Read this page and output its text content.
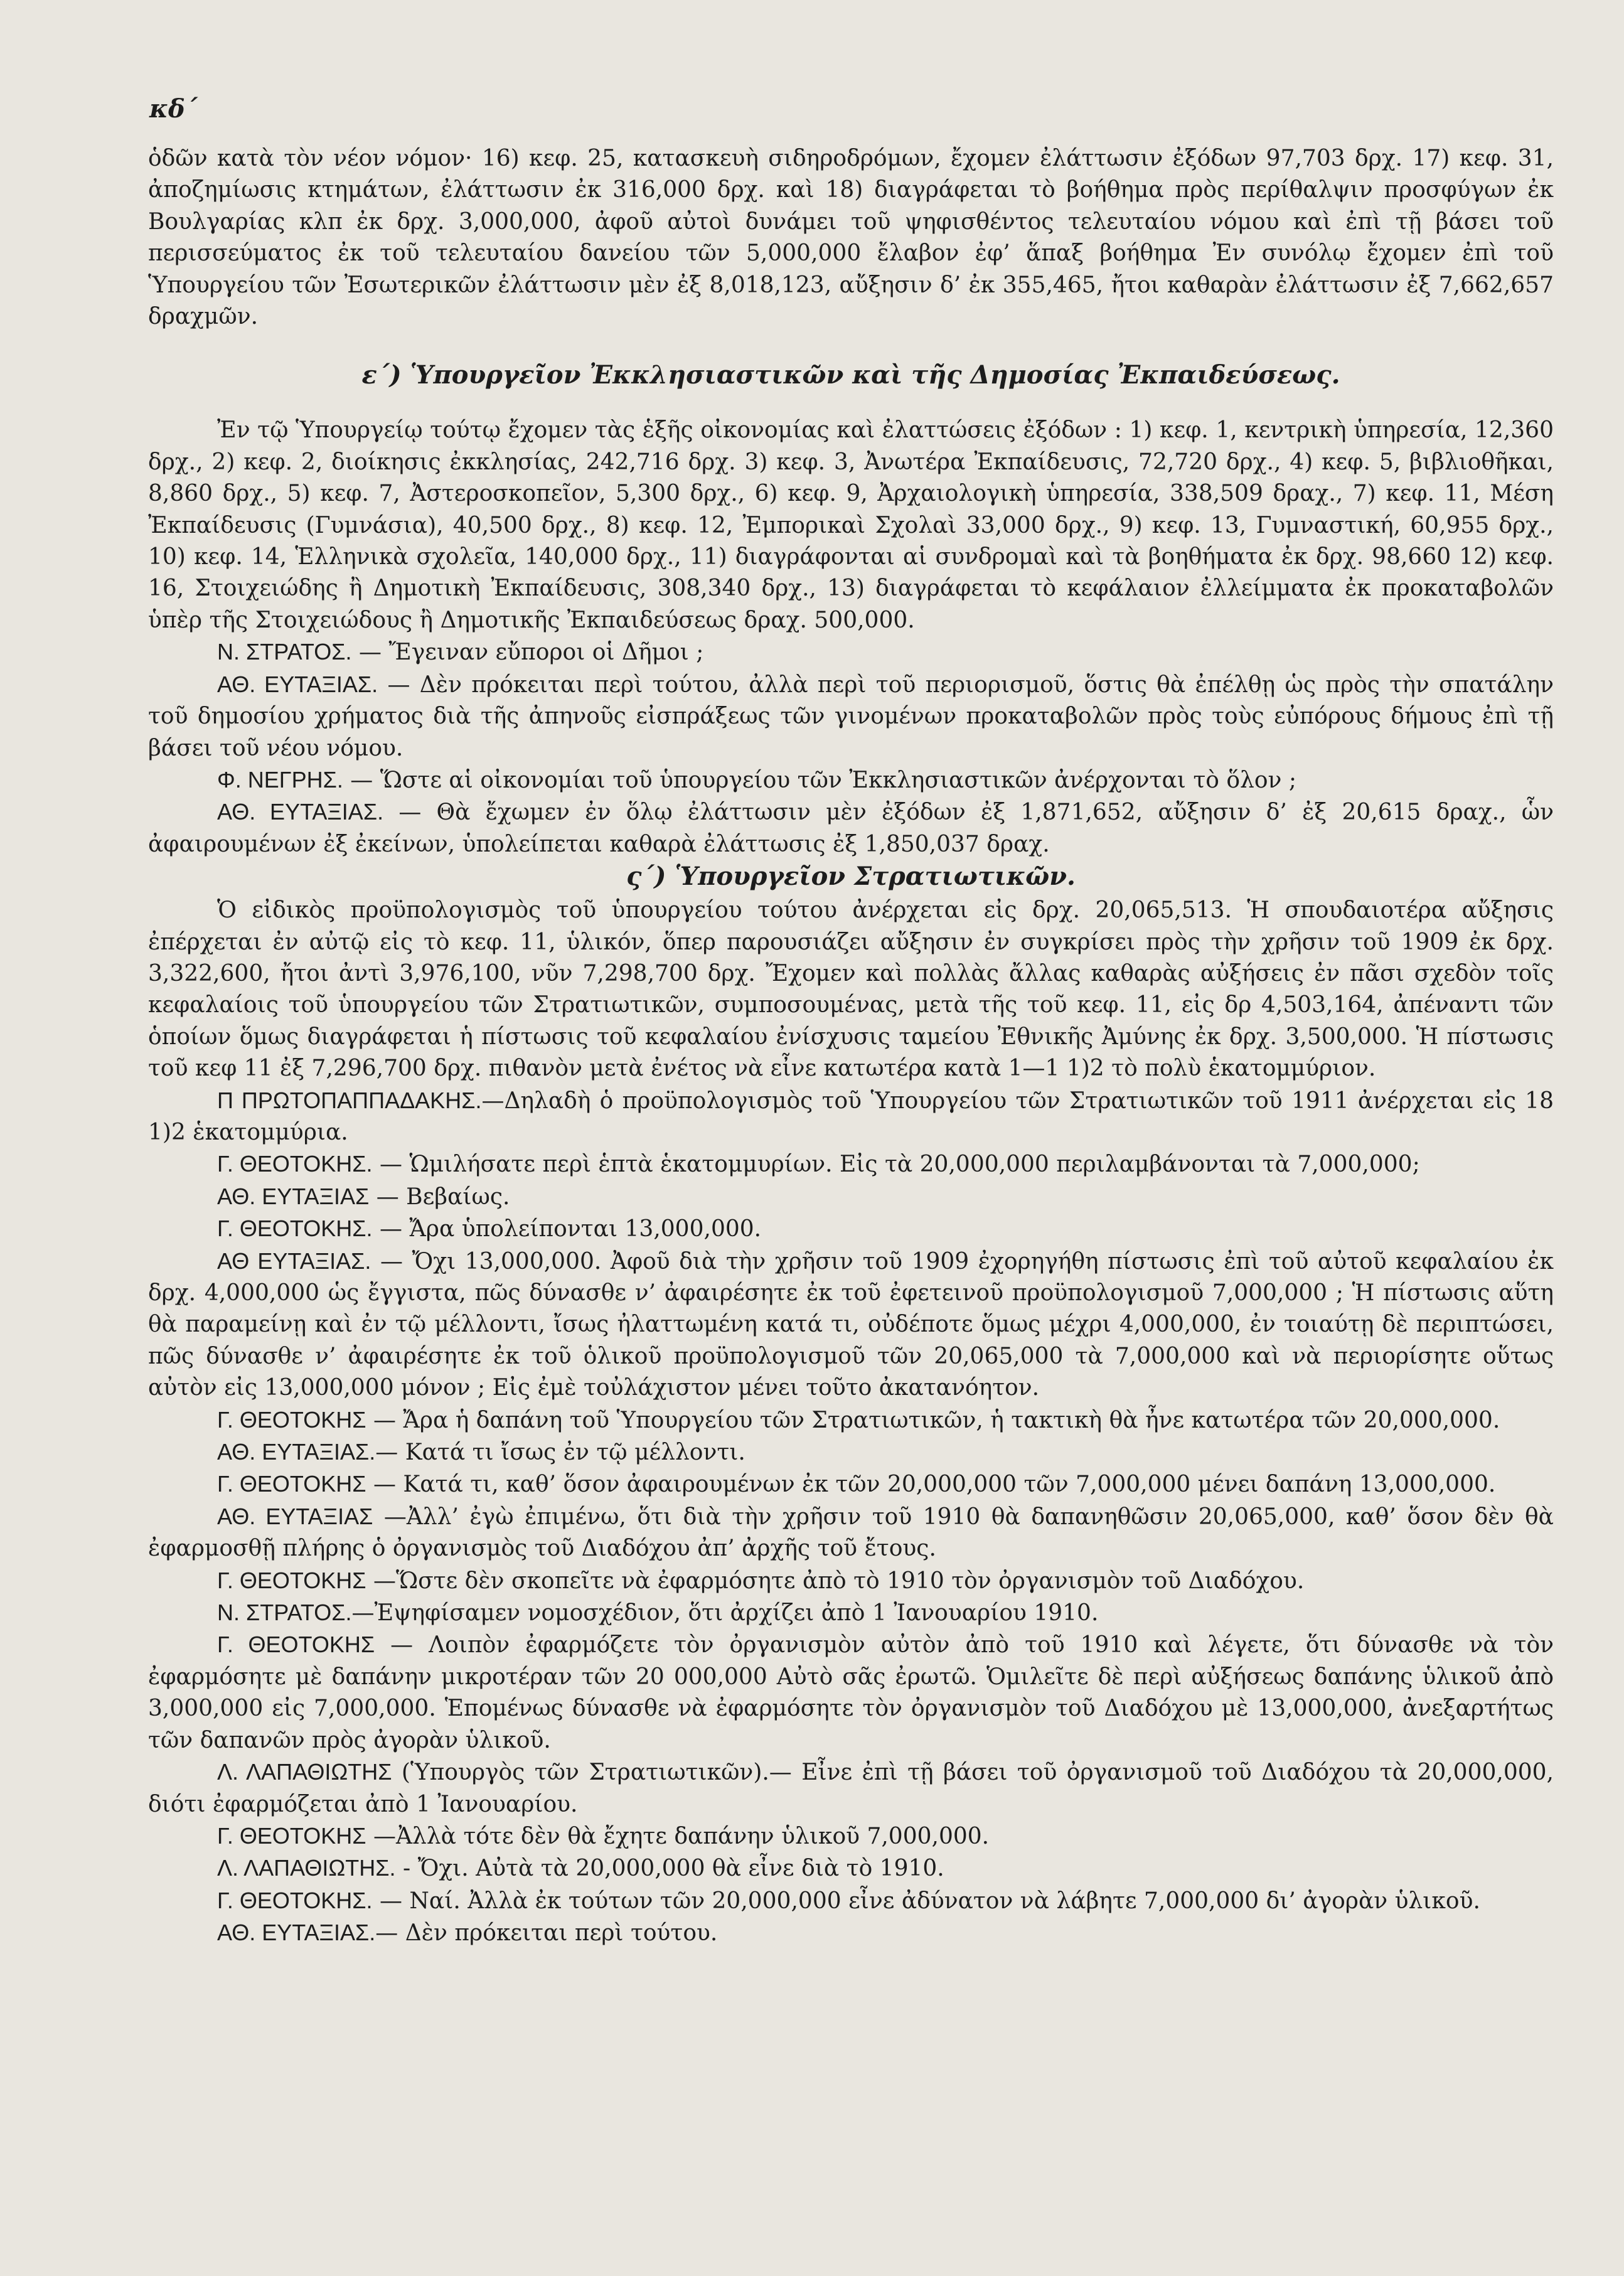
κδ΄

ὁδῶν κατὰ τὸν νέον νόμον· 16) κεφ. 25, κατασκευὴ σιδηροδρόμων, ἔχομεν ἐλάττωσιν ἐξόδων 97,703 δρχ. 17) κεφ. 31, ἀποζημίωσις κτημάτων, ἐλάττωσιν ἐκ 316,000 δρχ. καὶ 18) διαγράφεται τὸ βοήθημα πρὸς περίθαλψιν προσφύγων ἐκ Βουλγαρίας κλπ ἐκ δρχ. 3,000,000, ἀφοῦ αὐτοὶ δυνάμει τοῦ ψηφισθέντος τελευταίου νόμου καὶ ἐπὶ τῇ βάσει τοῦ περισσεύματος ἐκ τοῦ τελευταίου δανείου τῶν 5,000,000 ἔλαβον ἐφ’ ἅπαξ βοήθημα Ἐν συνόλῳ ἔχομεν ἐπὶ τοῦ Ὑπουργείου τῶν Ἐσωτερικῶν ἐλάττωσιν μὲν ἐξ 8,018,123, αὔξησιν δ’ ἐκ 355,465, ἤτοι καθαρὰν ἐλάττωσιν ἐξ 7,662,657 δραχμῶν.

ε΄) Ὑπουργεῖον Ἐκκλησιαστικῶν καὶ τῆς Δημοσίας Ἐκπαιδεύσεως.

Ἐν τῷ Ὑπουργείῳ τούτῳ ἔχομεν τὰς ἑξῆς οἰκονομίας καὶ ἐλαττώσεις ἐξόδων : 1) κεφ. 1, κεντρικὴ ὑπηρεσία, 12,360 δρχ., 2) κεφ. 2, διοίκησις ἐκκλησίας, 242,716 δρχ. 3) κεφ. 3, Ἀνωτέρα Ἐκπαίδευσις, 72,720 δρχ., 4) κεφ. 5, βιβλιοθῆκαι, 8,860 δρχ., 5) κεφ. 7, Ἀστεροσκοπεῖον, 5,300 δρχ., 6) κεφ. 9, Ἀρχαιολογικὴ ὑπηρεσία, 338,509 δραχ., 7) κεφ. 11, Μέση Ἐκπαίδευσις (Γυμνάσια), 40,500 δρχ., 8) κεφ. 12, Ἐμπορικαὶ Σχολαὶ 33,000 δρχ., 9) κεφ. 13, Γυμναστική, 60,955 δρχ., 10) κεφ. 14, Ἑλληνικὰ σχολεῖα, 140,000 δρχ., 11) διαγράφονται αἱ συνδρομαὶ καὶ τὰ βοηθήματα ἐκ δρχ. 98,660 12) κεφ. 16, Στοιχειώδης ἢ Δημοτικὴ Ἐκπαίδευσις, 308,340 δρχ., 13) διαγράφεται τὸ κεφάλαιον ἐλλείμματα ἐκ προκαταβολῶν ὑπὲρ τῆς Στοιχειώδους ἢ Δημοτικῆς Ἐκπαιδεύσεως δραχ. 500,000.

Ν. ΣΤΡΑΤΟΣ. — Ἔγειναν εὔποροι οἱ Δῆμοι ;

ΑΘ. ΕΥΤΑΞΙΑΣ. — Δὲν πρόκειται περὶ τούτου, ἀλλὰ περὶ τοῦ περιορισμοῦ, ὅστις θὰ ἐπέλθῃ ὡς πρὸς τὴν σπατάλην τοῦ δημοσίου χρήματος διὰ τῆς ἀπηνοῦς εἰσπράξεως τῶν γινομένων προκαταβολῶν πρὸς τοὺς εὐπόρους δήμους ἐπὶ τῇ βάσει τοῦ νέου νόμου.

Φ. ΝΕΓΡΗΣ. — Ὥστε αἱ οἰκονομίαι τοῦ ὑπουργείου τῶν Ἐκκλησιαστικῶν ἀνέρχονται τὸ ὅλον ;

ΑΘ. ΕΥΤΑΞΙΑΣ. — Θὰ ἔχωμεν ἐν ὅλῳ ἐλάττωσιν μὲν ἐξόδων ἐξ 1,871,652, αὔξησιν δ’ ἐξ 20,615 δραχ., ὧν ἀφαιρουμένων ἐξ ἐκείνων, ὑπολείπεται καθαρὰ ἐλάττωσις ἐξ 1,850,037 δραχ.

ς΄) Ὑπουργεῖον Στρατιωτικῶν.

Ὁ εἰδικὸς προϋπολογισμὸς τοῦ ὑπουργείου τούτου ἀνέρχεται εἰς δρχ. 20,065,513. Ἡ σπουδαιοτέρα αὔξησις ἐπέρχεται ἐν αὐτῷ εἰς τὸ κεφ. 11, ὑλικόν, ὅπερ παρουσιάζει αὔξησιν ἐν συγκρίσει πρὸς τὴν χρῆσιν τοῦ 1909 ἐκ δρχ. 3,322,600, ἤτοι ἀντὶ 3,976,100, νῦν 7,298,700 δρχ. Ἔχομεν καὶ πολλὰς ἄλλας καθαρὰς αὐξήσεις ἐν πᾶσι σχεδὸν τοῖς κεφαλαίοις τοῦ ὑπουργείου τῶν Στρατιωτικῶν, συμποσουμένας, μετὰ τῆς τοῦ κεφ. 11, εἰς δρ 4,503,164, ἀπέναντι τῶν ὁποίων ὅμως διαγράφεται ἡ πίστωσις τοῦ κεφαλαίου ἐνίσχυσις ταμείου Ἐθνικῆς Ἀμύνης ἐκ δρχ. 3,500,000. Ἡ πίστωσις τοῦ κεφ 11 ἐξ 7,296,700 δρχ. πιθανὸν μετὰ ἐνέτος νὰ εἶνε κατωτέρα κατὰ 1—1 1)2 τὸ πολὺ ἑκατομμύριον.

Π ΠΡΩΤΟΠΑΠΠΑΔΑΚΗΣ.—Δηλαδὴ ὁ προϋπολογισμὸς τοῦ Ὑπουργείου τῶν Στρατιωτικῶν τοῦ 1911 ἀνέρχεται εἰς 18 1)2 ἑκατομμύρια.

Γ. ΘΕΟΤΟΚΗΣ. — Ὡμιλήσατε περὶ ἑπτὰ ἑκατομμυρίων. Εἰς τὰ 20,000,000 περιλαμβάνονται τὰ 7,000,000;

ΑΘ. ΕΥΤΑΞΙΑΣ — Βεβαίως.

Γ. ΘΕΟΤΟΚΗΣ. — Ἄρα ὑπολείπονται 13,000,000.

ΑΘ ΕΥΤΑΞΙΑΣ. — Ὄχι 13,000,000. Ἀφοῦ διὰ τὴν χρῆσιν τοῦ 1909 ἐχορηγήθη πίστωσις ἐπὶ τοῦ αὐτοῦ κεφαλαίου ἐκ δρχ. 4,000,000 ὡς ἔγγιστα, πῶς δύνασθε ν’ ἀφαιρέσητε ἐκ τοῦ ἐφετεινοῦ προϋπολογισμοῦ 7,000,000 ; Ἡ πίστωσις αὕτη θὰ παραμείνῃ καὶ ἐν τῷ μέλλοντι, ἴσως ἠλαττωμένη κατά τι, οὐδέποτε ὅμως μέχρι 4,000,000, ἐν τοιαύτῃ δὲ περιπτώσει, πῶς δύνασθε ν’ ἀφαιρέσητε ἐκ τοῦ ὁλικοῦ προϋπολογισμοῦ τῶν 20,065,000 τὰ 7,000,000 καὶ νὰ περιορίσητε οὕτως αὐτὸν εἰς 13,000,000 μόνον ; Εἰς ἐμὲ τοὐλάχιστον μένει τοῦτο ἀκατανόητον.

Γ. ΘΕΟΤΟΚΗΣ — Ἄρα ἡ δαπάνη τοῦ Ὑπουργείου τῶν Στρατιωτικῶν, ἡ τακτικὴ θὰ ἦνε κατωτέρα τῶν 20,000,000.

ΑΘ. ΕΥΤΑΞΙΑΣ.— Κατά τι ἴσως ἐν τῷ μέλλοντι.

Γ. ΘΕΟΤΟΚΗΣ — Κατά τι, καθ’ ὅσον ἀφαιρουμένων ἐκ τῶν 20,000,000 τῶν 7,000,000 μένει δαπάνη 13,000,000.

ΑΘ. ΕΥΤΑΞΙΑΣ —Ἀλλ’ ἐγὼ ἐπιμένω, ὅτι διὰ τὴν χρῆσιν τοῦ 1910 θὰ δαπανηθῶσιν 20,065,000, καθ’ ὅσον δὲν θὰ ἐφαρμοσθῇ πλήρης ὁ ὀργανισμὸς τοῦ Διαδόχου ἀπ’ ἀρχῆς τοῦ ἔτους.

Γ. ΘΕΟΤΟΚΗΣ —Ὥστε δὲν σκοπεῖτε νὰ ἐφαρμόσητε ἀπὸ τὸ 1910 τὸν ὀργανισμὸν τοῦ Διαδόχου.

Ν. ΣΤΡΑΤΟΣ.—Ἐψηφίσαμεν νομοσχέδιον, ὅτι ἀρχίζει ἀπὸ 1 Ἰανουαρίου 1910.

Γ. ΘΕΟΤΟΚΗΣ — Λοιπὸν ἐφαρμόζετε τὸν ὀργανισμὸν αὐτὸν ἀπὸ τοῦ 1910 καὶ λέγετε, ὅτι δύνασθε νὰ τὸν ἐφαρμόσητε μὲ δαπάνην μικροτέραν τῶν 20 000,000 Αὐτὸ σᾶς ἐρωτῶ. Ὁμιλεῖτε δὲ περὶ αὐξήσεως δαπάνης ὑλικοῦ ἀπὸ 3,000,000 εἰς 7,000,000. Ἑπομένως δύνασθε νὰ ἐφαρμόσητε τὸν ὀργανισμὸν τοῦ Διαδόχου μὲ 13,000,000, ἀνεξαρτήτως τῶν δαπανῶν πρὸς ἀγορὰν ὑλικοῦ.

Λ. ΛΑΠΑΘΙΩΤΗΣ (Ὑπουργὸς τῶν Στρατιωτικῶν).— Εἶνε ἐπὶ τῇ βάσει τοῦ ὀργανισμοῦ τοῦ Διαδόχου τὰ 20,000,000, διότι ἐφαρμόζεται ἀπὸ 1 Ἰανουαρίου.

Γ. ΘΕΟΤΟΚΗΣ —Ἀλλὰ τότε δὲν θὰ ἔχητε δαπάνην ὑλικοῦ 7,000,000.

Λ. ΛΑΠΑΘΙΩΤΗΣ. - Ὄχι. Αὐτὰ τὰ 20,000,000 θὰ εἶνε διὰ τὸ 1910.

Γ. ΘΕΟΤΟΚΗΣ. — Ναί. Ἀλλὰ ἐκ τούτων τῶν 20,000,000 εἶνε ἀδύνατον νὰ λάβητε 7,000,000 δι’ ἀγορὰν ὑλικοῦ.

ΑΘ. ΕΥΤΑΞΙΑΣ.— Δὲν πρόκειται περὶ τούτου.
